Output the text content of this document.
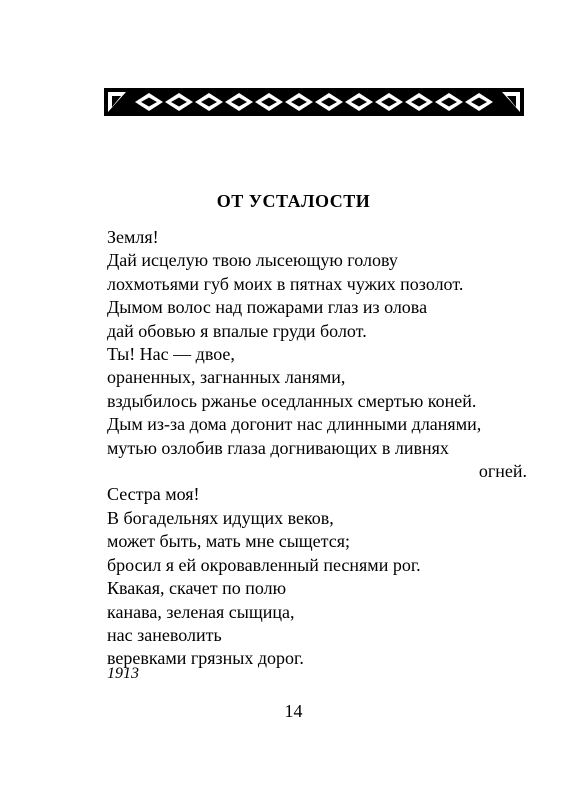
ОТ УСТАЛОСТИ
Земля!
Дай исцелую твою лысеющую голову
лохмотьями губ моих в пятнах чужих позолот.
Дымом волос над пожарами глаз из олова
дай обовью я впалые груди болот.
Ты! Нас — двое,
ораненных, загнанных ланями,
вздыбилось ржанье оседланных смертью коней.
Дым из-за дома догонит нас длинными дланями,
мутью озлобив глаза догнивающих в ливнях
огней.
Сестра моя!
В богадельнях идущих веков,
может быть, мать мне сыщется;
бросил я ей окровавленный песнями рог.
Квакая, скачет по полю
канава, зеленая сыщица,
нас заневолить
веревками грязных дорог.
1913
14
